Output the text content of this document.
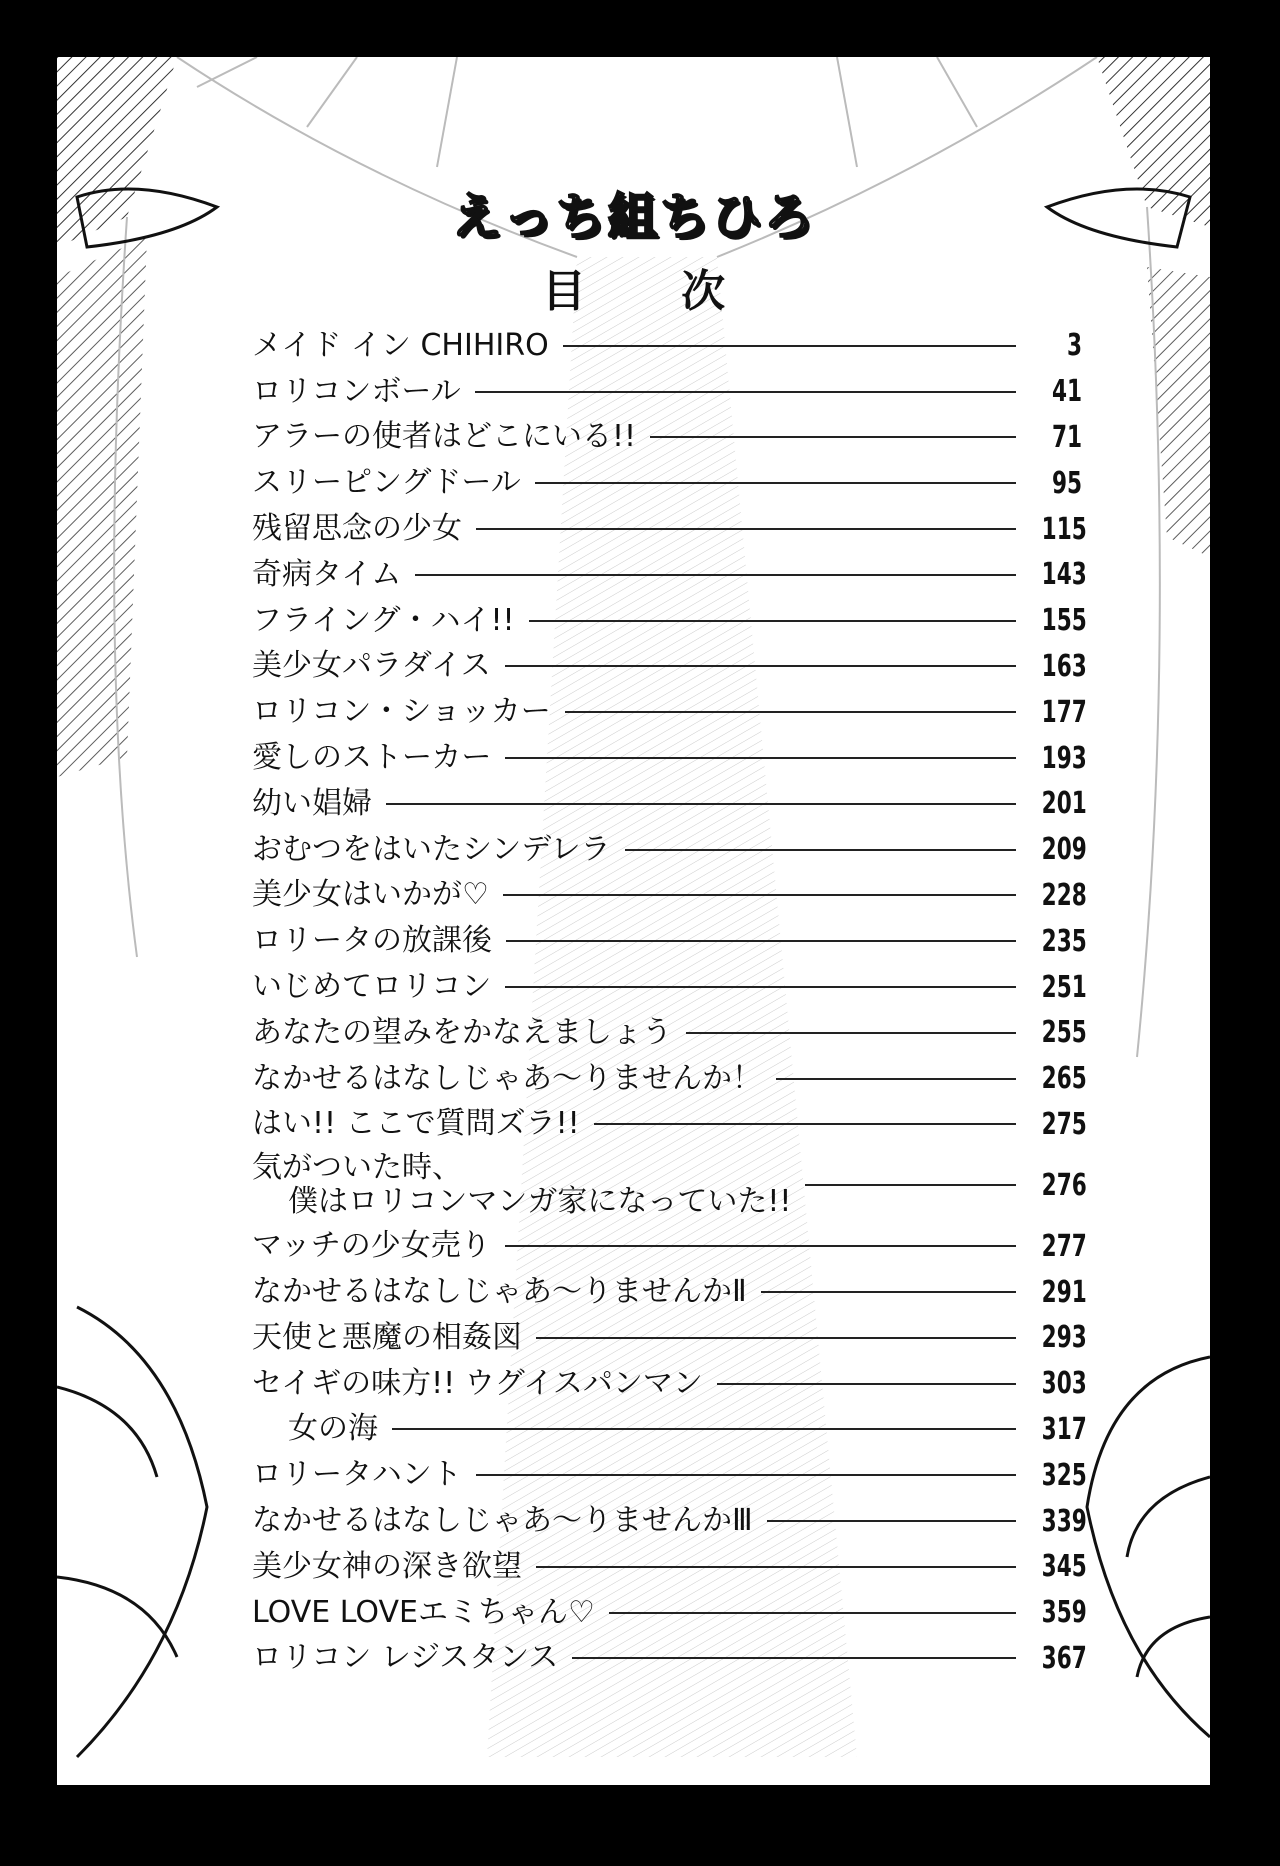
えっち組ちひろ
目 次
メイド イン CHIHIRO	3
ロリコンボール	41
アラーの使者はどこにいる!!	71
スリーピングドール	95
残留思念の少女	115
奇病タイム	143
フライング・ハイ!!	155
美少女パラダイス	163
ロリコン・ショッカー	177
愛しのストーカー	193
幼い娼婦	201
おむつをはいたシンデレラ	209
美少女はいかが♡	228
ロリータの放課後	235
いじめてロリコン	251
あなたの望みをかなえましょう	255
なかせるはなしじゃあ〜りませんか！	265
はい!! ここで質問ズラ!!	275
気がついた時、
僕はロリコンマンガ家になっていた!!	276
マッチの少女売り	277
なかせるはなしじゃあ〜りませんかⅡ	291
天使と悪魔の相姦図	293
セイギの味方!! ウグイスパンマン	303
女の海	317
ロリータハント	325
なかせるはなしじゃあ〜りませんかⅢ	339
美少女神の深き欲望	345
LOVE LOVEエミちゃん♡	359
ロリコン レジスタンス	367
